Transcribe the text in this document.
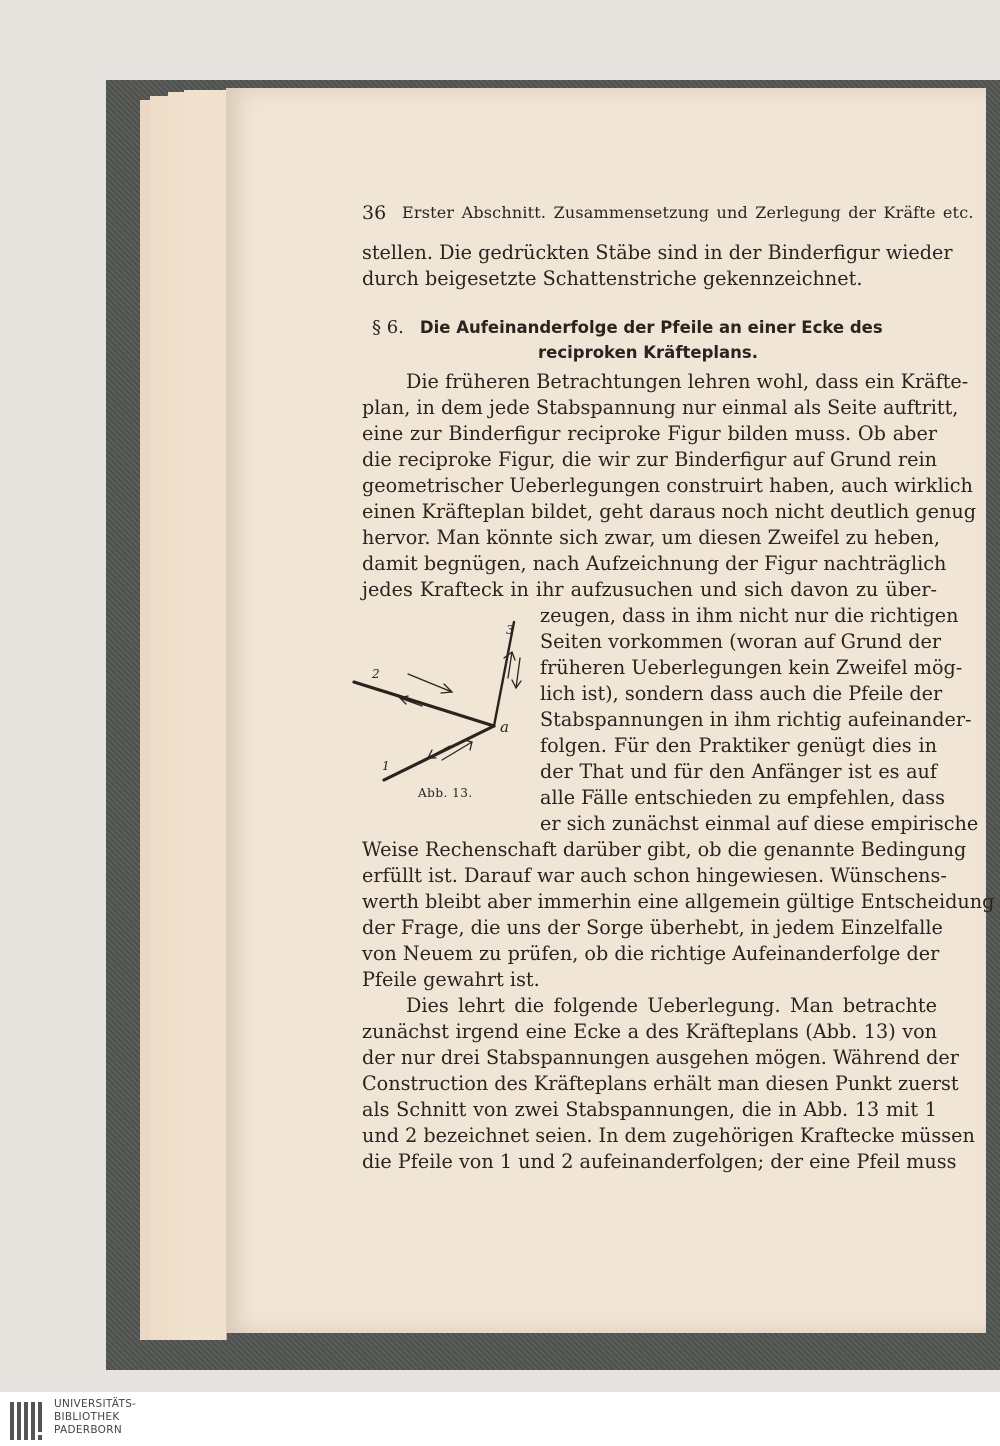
36 Erster Abschnitt. Zusammensetzung und Zerlegung der Kräfte etc.
stellen. Die gedrückten Stäbe sind in der Binderfigur wieder
durch beigesetzte Schattenstriche gekennzeichnet.
§ 6. Die Aufeinanderfolge der Pfeile an einer Ecke des
reciproken Kräfteplans.
Die früheren Betrachtungen lehren wohl, dass ein Kräfte-
plan, in dem jede Stabspannung nur einmal als Seite auftritt,
eine zur Binderfigur reciproke Figur bilden muss. Ob aber
die reciproke Figur, die wir zur Binderfigur auf Grund rein
geometrischer Ueberlegungen construirt haben, auch wirklich
einen Kräfteplan bildet, geht daraus noch nicht deutlich genug
hervor. Man könnte sich zwar, um diesen Zweifel zu heben,
damit begnügen, nach Aufzeichnung der Figur nachträglich
jedes Krafteck in ihr aufzusuchen und sich davon zu über-
zeugen, dass in ihm nicht nur die richtigen
Seiten vorkommen (woran auf Grund der
früheren Ueberlegungen kein Zweifel mög-
lich ist), sondern dass auch die Pfeile der
Stabspannungen in ihm richtig aufeinander-
folgen. Für den Praktiker genügt dies in
der That und für den Anfänger ist es auf
alle Fälle entschieden zu empfehlen, dass
er sich zunächst einmal auf diese empirische
Weise Rechenschaft darüber gibt, ob die genannte Bedingung
erfüllt ist. Darauf war auch schon hingewiesen. Wünschens-
werth bleibt aber immerhin eine allgemein gültige Entscheidung
der Frage, die uns der Sorge überhebt, in jedem Einzelfalle
von Neuem zu prüfen, ob die richtige Aufeinanderfolge der
Pfeile gewahrt ist.
Dies lehrt die folgende Ueberlegung. Man betrachte
zunächst irgend eine Ecke a des Kräfteplans (Abb. 13) von
der nur drei Stabspannungen ausgehen mögen. Während der
Construction des Kräfteplans erhält man diesen Punkt zuerst
als Schnitt von zwei Stabspannungen, die in Abb. 13 mit 1
und 2 bezeichnet seien. In dem zugehörigen Kraftecke müssen
die Pfeile von 1 und 2 aufeinanderfolgen; der eine Pfeil muss
2
1
3
a
Abb. 13.
UNIVERSITÄTS-
BIBLIOTHEK
PADERBORN
